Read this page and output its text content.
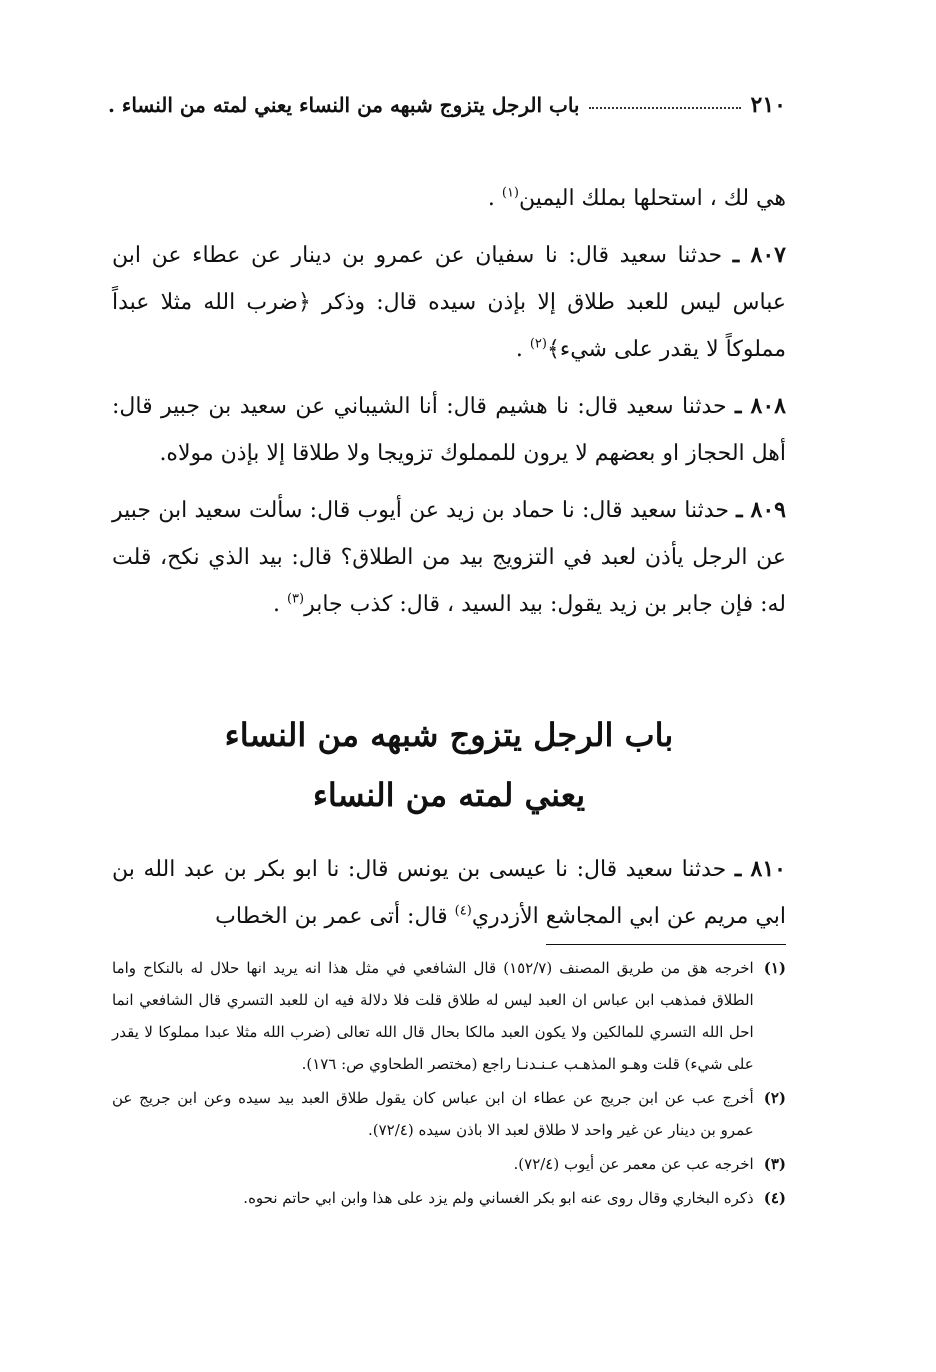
٢١٠
باب الرجل يتزوج شبهه من النساء يعني لمته من النساء .

هي لك ، استحلها بملك اليمين$^{(١)}$ .

٨٠٧ ـ حدثنا سعيد قال: نا سفيان عن عمرو بن دينار عن عطاء عن ابن عباس ليس للعبد طلاق إلا بإذن سيده قال: وذكر ﴿ضرب الله مثلا عبداً مملوكاً لا يقدر على شيء﴾$^{(٢)}$ .

٨٠٨ ـ حدثنا سعيد قال: نا هشيم قال: أنا الشيباني عن سعيد بن جبير قال: أهل الحجاز او بعضهم لا يرون للمملوك تزويجا ولا طلاقا إلا بإذن مولاه.

٨٠٩ ـ حدثنا سعيد قال: نا حماد بن زيد عن أيوب قال: سألت سعيد ابن جبير عن الرجل يأذن لعبد في التزويج بيد من الطلاق؟ قال: بيد الذي نكح، قلت له: فإن جابر بن زيد يقول: بيد السيد ، قال: كذب جابر$^{(٣)}$ .

باب الرجل يتزوج شبهه من النساء
يعني لمته من النساء

٨١٠ ـ حدثنا سعيد قال: نا عيسى بن يونس قال: نا ابو بكر بن عبد الله بن ابي مريم عن ابي المجاشع الأزدري$^{(٤)}$ قال: أتى عمر بن الخطاب

(١)
اخرجه هق من طريق المصنف (١٥٢/٧) قال الشافعي في مثل هذا انه يريد انها حلال له بالنكاح واما الطلاق فمذهب ابن عباس ان العبد ليس له طلاق قلت فلا دلالة فيه ان للعبد التسري قال الشافعي انما احل الله التسري للمالكين ولا يكون العبد مالكا بحال قال الله تعالى (ضرب الله مثلا عبدا مملوكا لا يقدر على شيء) قلت وهـو المذهـب عـنـدنـا راجع (مختصر الطحاوي ص: ١٧٦).
(٢)
أخرج عب عن ابن جريج عن عطاء ان ابن عباس كان يقول طلاق العبد بيد سيده وعن ابن جريج عن عمرو بن دينار عن غير واحد لا طلاق لعبد الا باذن سيده (٧٢/٤).
(٣)
اخرجه عب عن معمر عن أيوب (٧٢/٤).
(٤)
ذكره البخاري وقال روى عنه ابو بكر الغساني ولم يزد على هذا وابن ابي حاتم نحوه.
